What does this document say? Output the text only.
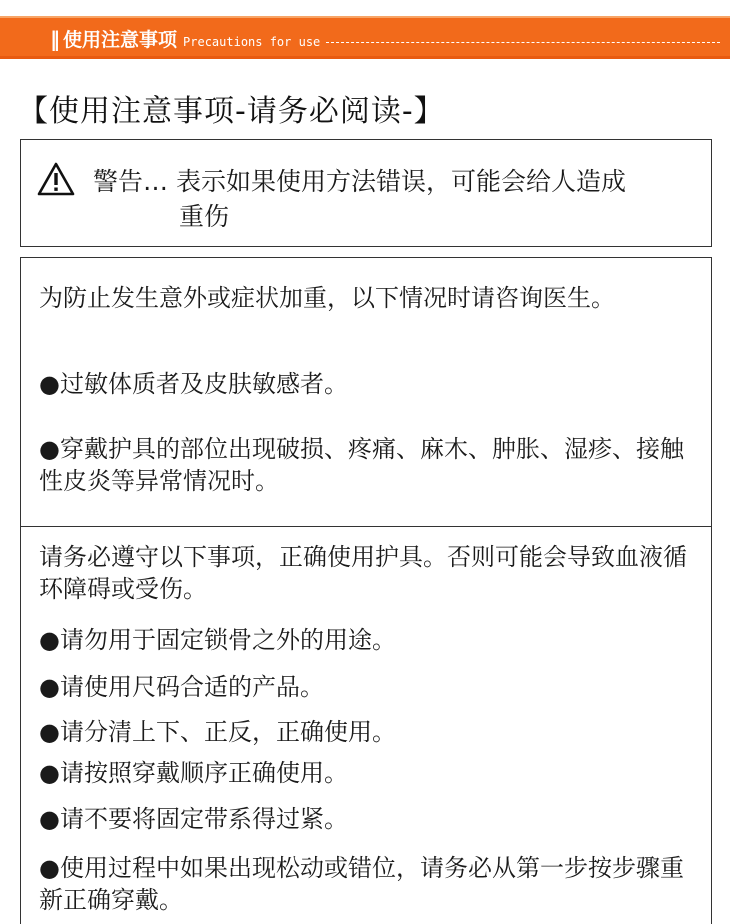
‖ 使用注意事项 Precautions for use
【使用注意事项-请务必阅读-】
警告… 表示如果使用方法错误，可能会给人造成
重伤

为防止发生意外或症状加重，以下情况时请咨询医生。

●过敏体质者及皮肤敏感者。

●穿戴护具的部位出现破损、疼痛、麻木、肿胀、湿疹、接触性皮炎等异常情况时。

请务必遵守以下事项，正确使用护具。否则可能会导致血液循环障碍或受伤。

●请勿用于固定锁骨之外的用途。

●请使用尺码合适的产品。

●请分清上下、正反，正确使用。

●请按照穿戴顺序正确使用。

●请不要将固定带系得过紧。

●使用过程中如果出现松动或错位，请务必从第一步按步骤重新正确穿戴。
